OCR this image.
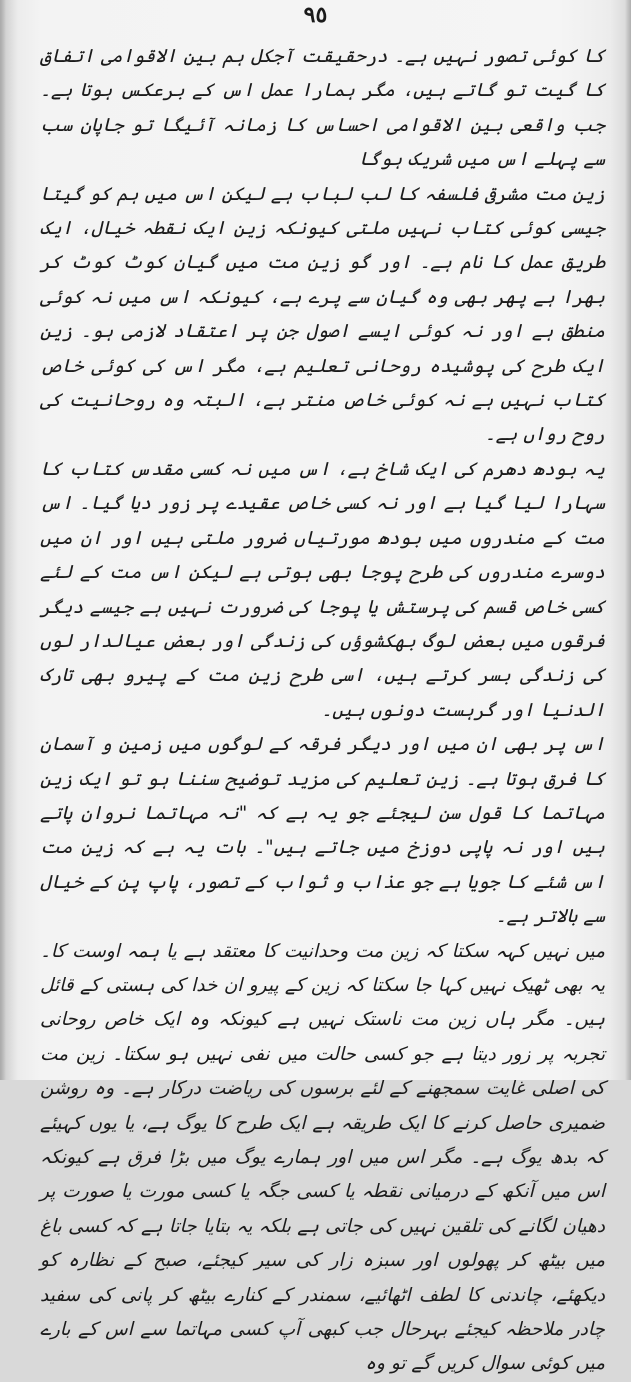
٩٥

کا کوئی تصور نہیں ہے۔ درحقیقت آجکل ہم بین الاقوامی اتفاق کا گیت تو گاتے ہیں، مگر ہمارا عمل اس کے برعکس ہوتا ہے۔ جب واقعی بین الاقوامی احساس کا زمانہ آئیگا تو جاپان سب سے پہلے اس میں شریک ہوگا

زین مت مشرقی فلسفہ کا لب لباب ہے لیکن اس میں ہم کو گیتا جیسی کوئی کتاب نہیں ملتی کیونکہ زین ایک نقطہ خیال، ایک طریق عمل کا نام ہے۔ اور گو زین مت میں گیان کوٹ کوٹ کر بھرا ہے پھر بھی وہ گیان سے پرے ہے، کیونکہ اس میں نہ کوئی منطق ہے اور نہ کوئی ایسے اصول جن پر اعتقاد لازمی ہو۔ زین ایک طرح کی پوشیدہ روحانی تعلیم ہے، مگر اس کی کوئی خاص کتاب نہیں ہے نہ کوئی خاص منتر ہے، البتہ وہ روحانیت کی روح رواں ہے۔

یہ بودھ دھرم کی ایک شاخ ہے، اس میں نہ کسی مقدس کتاب کا سہارا لیا گیا ہے اور نہ کسی خاص عقیدے پر زور دیا گیا۔ اس مت کے مندروں میں بودھ مورتیاں ضرور ملتی ہیں اور ان میں دوسرے مندروں کی طرح پوجا بھی ہوتی ہے لیکن اس مت کے لئے کسی خاص قسم کی پرستش یا پوجا کی ضرورت نہیں ہے جیسے دیگر فرقوں میں بعض لوگ بھکشوؤں کی زندگی اور بعض عیالدار لوں کی زندگی بسر کرتے ہیں، اسی طرح زین مت کے پیرو بھی تارک الدنیا اور گرہست دونوں ہیں۔

اس پر بھی ان میں اور دیگر فرقہ کے لوگوں میں زمین و آسمان کا فرق ہوتا ہے۔ زین تعلیم کی مزید توضیح سننا ہو تو ایک زین مہاتما کا قول سن لیجئے جو یہ ہے کہ "نہ مہاتما نروان پاتے ہیں اور نہ پاپی دوزخ میں جاتے ہیں"۔ بات یہ ہے کہ زین مت اس شئے کا جویا ہے جو عذاب و ثواب کے تصور، پاپ پن کے خیال سے بالاتر ہے۔

میں نہیں کہہ سکتا کہ زین مت وحدانیت کا معتقد ہے یا ہمہ اوست کا۔ یہ بھی ٹھیک نہیں کہا جا سکتا کہ زین کے پیرو ان خدا کی ہستی کے قائل ہیں۔ مگر ہاں زین مت ناستک نہیں ہے کیونکہ وہ ایک خاص روحانی تجربہ پر زور دیتا ہے جو کسی حالت میں نفی نہیں ہو سکتا۔ زین مت کی اصلی غایت سمجھنے کے لئے برسوں کی ریاضت درکار ہے۔ وہ روشن ضمیری حاصل کرنے کا ایک طریقہ ہے ایک طرح کا یوگ ہے، یا یوں کہیئے کہ بدھ یوگ ہے۔ مگر اس میں اور ہمارے یوگ میں بڑا فرق ہے کیونکہ اس میں آنکھ کے درمیانی نقطہ یا کسی جگہ یا کسی مورت یا صورت پر دھیان لگانے کی تلقین نہیں کی جاتی ہے بلکہ یہ بتایا جاتا ہے کہ کسی باغ میں بیٹھ کر پھولوں اور سبزہ زار کی سیر کیجئے، صبح کے نظارہ کو دیکھئے، چاندنی کا لطف اٹھائیے، سمندر کے کنارے بیٹھ کر پانی کی سفید چادر ملاحظہ کیجئے بہرحال جب کبھی آپ کسی مہاتما سے اس کے بارے میں کوئی سوال کریں گے تو وہ
